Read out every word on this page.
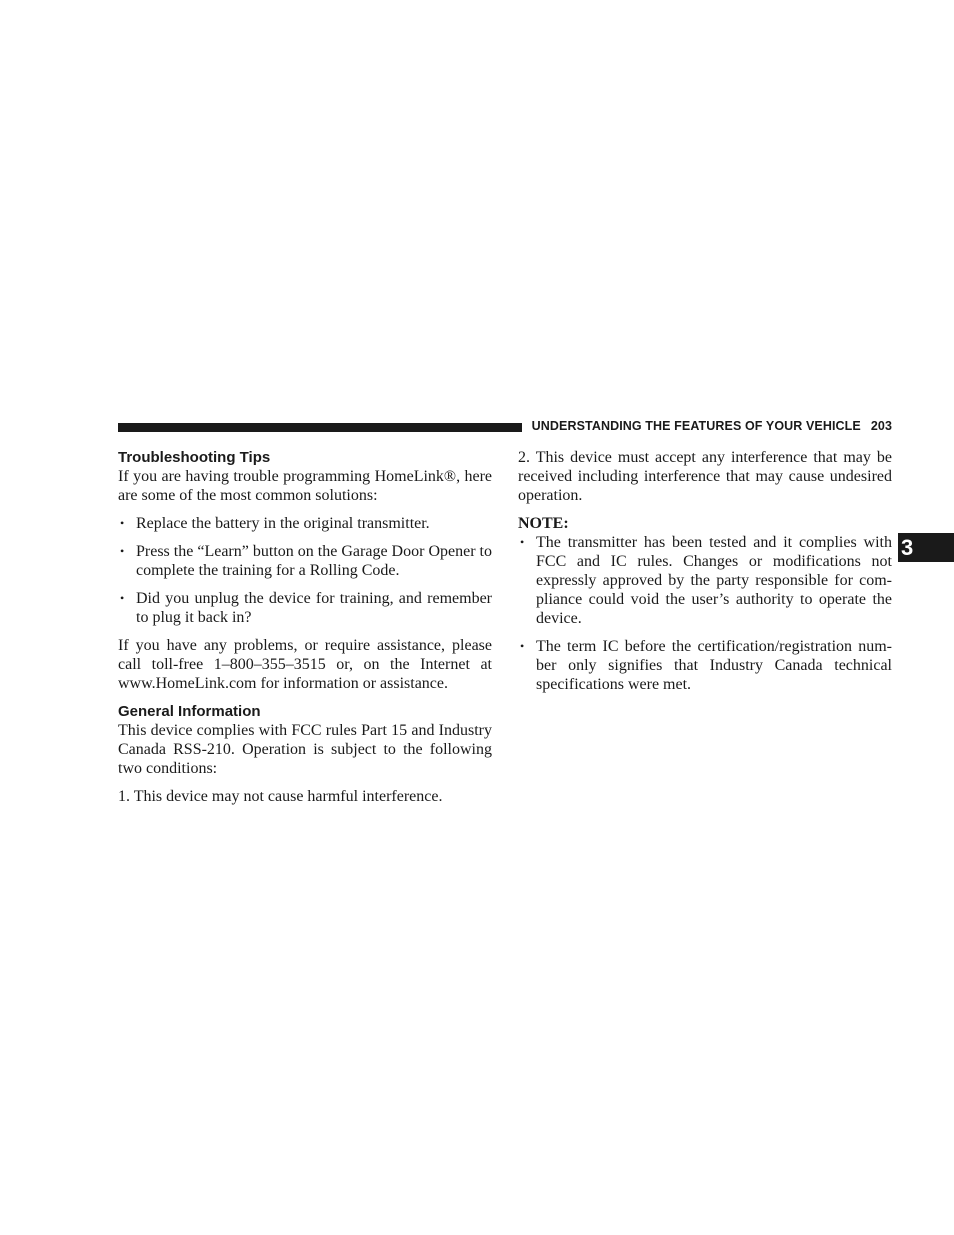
UNDERSTANDING THE FEATURES OF YOUR VEHICLE 203
Troubleshooting Tips

If you are having trouble programming HomeLink®, here are some of the most common solutions:

• Replace the battery in the original transmitter.
• Press the “Learn” button on the Garage Door Opener to complete the training for a Rolling Code.
• Did you unplug the device for training, and remember to plug it back in?

If you have any problems, or require assistance, please call toll-free 1–800–355–3515 or, on the Internet at www.HomeLink.com for information or assistance.

General Information

This device complies with FCC rules Part 15 and Industry Canada RSS-210. Operation is subject to the following two conditions:

1. This device may not cause harmful interference.

2. This device must accept any interference that may be received including interference that may cause undesired operation.

NOTE:

• The transmitter has been tested and it complies with FCC and IC rules. Changes or modifications not expressly approved by the party responsible for com- pliance could void the user’s authority to operate the device.
• The term IC before the certification/registration num- ber only signifies that Industry Canada technical specifications were met.
3
